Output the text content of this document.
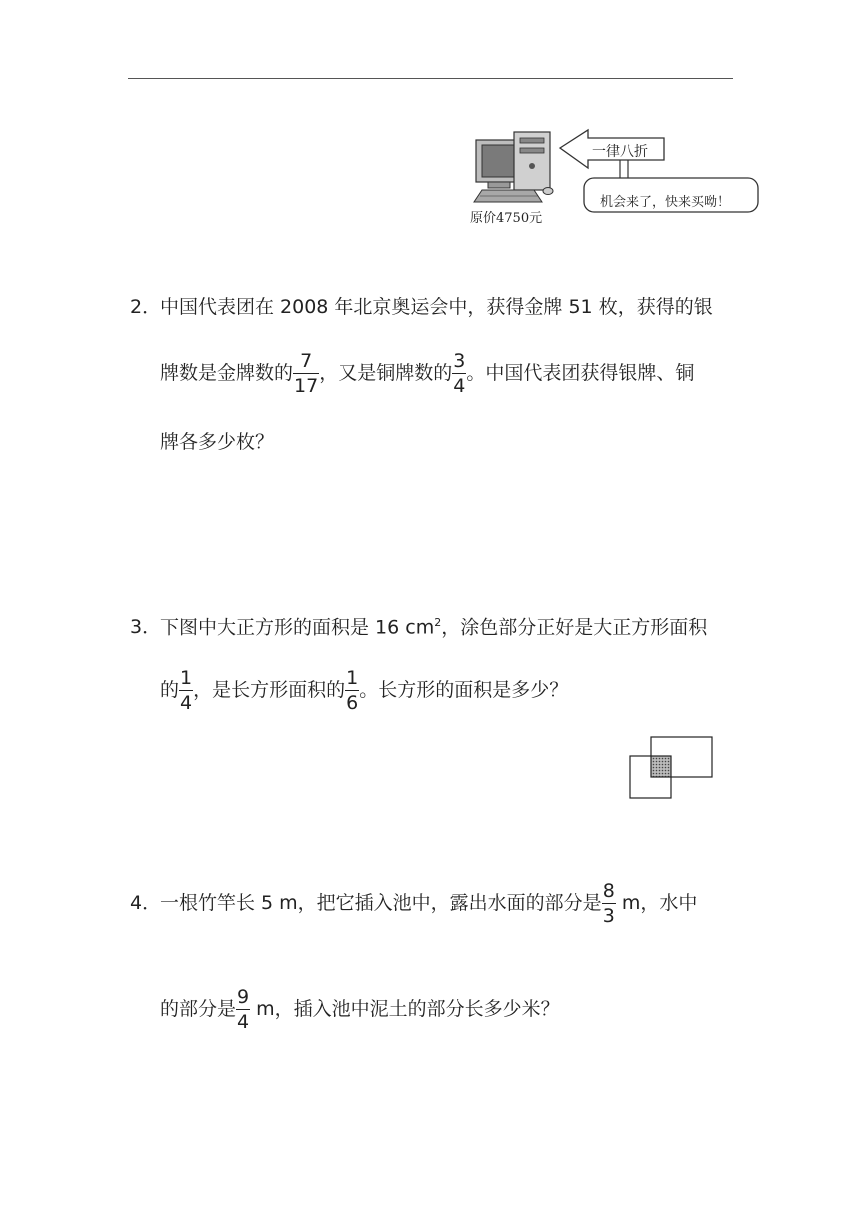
一律八折
机会来了，快来买呦！
原价4750元
2．中国代表团在 2008 年北京奥运会中，获得金牌 51 枚，获得的银
牌数是金牌数的 $\frac{7}{17}$ ，又是铜牌数的 $\frac{3}{4}$ 。中国代表团获得银牌、铜
牌各多少枚？
3．下图中大正方形的面积是 16 $cm^2$，涂色部分正好是大正方形面积
的 $\frac{1}{4}$ ，是长方形面积的 $\frac{1}{6}$ 。长方形的面积是多少？
4．一根竹竿长 5 m，把它插入池中，露出水面的部分是 $\frac{8}{3}$ m，水中
的部分是 $\frac{9}{4}$ m，插入池中泥土的部分长多少米？
